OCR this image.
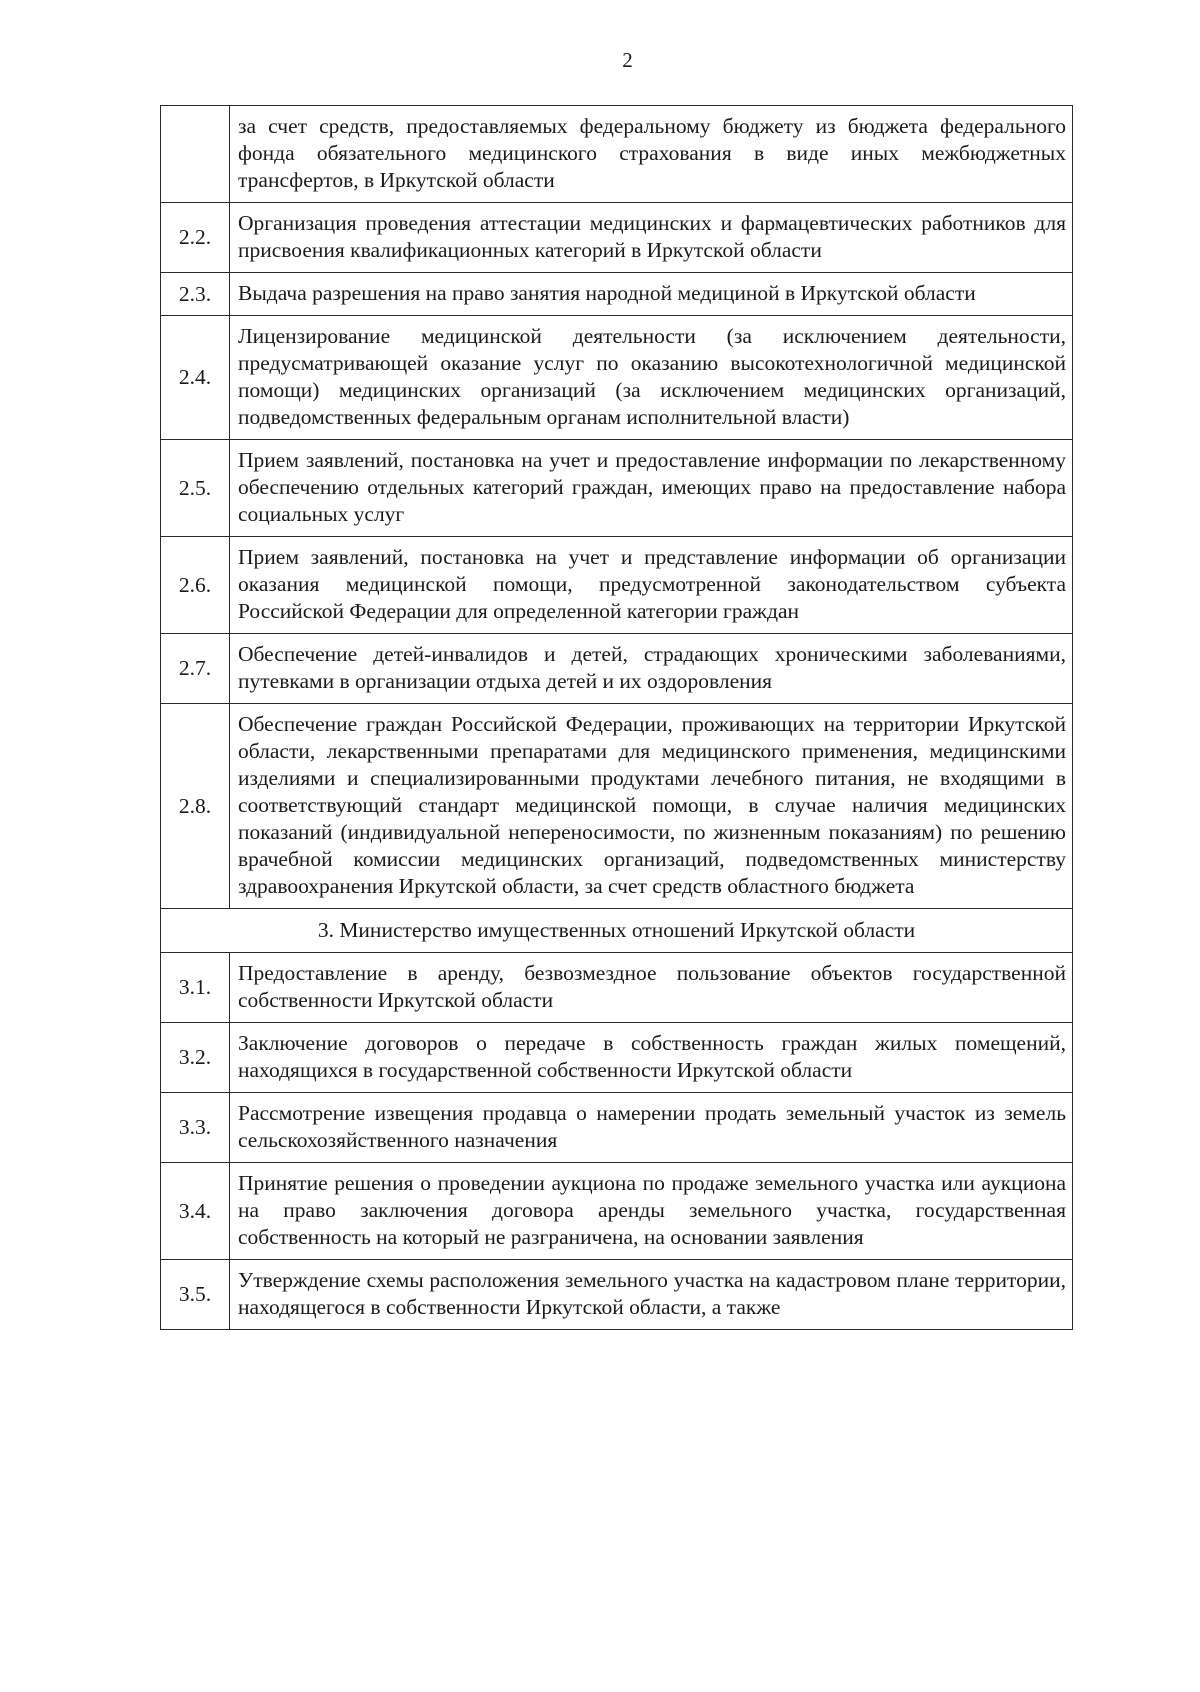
2
	за счет средств, предоставляемых федеральному бюджету из бюджета федерального фонда обязательного медицинского страхования в виде иных межбюджетных трансфертов, в Иркутской области
2.2.	Организация проведения аттестации медицинских и фармацевтических работников для присвоения квалификационных категорий в Иркутской области
2.3.	Выдача разрешения на право занятия народной медициной в Иркутской области
2.4.	Лицензирование медицинской деятельности (за исключением деятельности, предусматривающей оказание услуг по оказанию высокотехнологичной медицинской помощи) медицинских организаций (за исключением медицинских организаций, подведомственных федеральным органам исполнительной власти)
2.5.	Прием заявлений, постановка на учет и предоставление информации по лекарственному обеспечению отдельных категорий граждан, имеющих право на предоставление набора социальных услуг
2.6.	Прием заявлений, постановка на учет и представление информации об организации оказания медицинской помощи, предусмотренной законодательством субъекта Российской Федерации для определенной категории граждан
2.7.	Обеспечение детей-инвалидов и детей, страдающих хроническими заболеваниями, путевками в организации отдыха детей и их оздоровления
2.8.	Обеспечение граждан Российской Федерации, проживающих на территории Иркутской области, лекарственными препаратами для медицинского применения, медицинскими изделиями и специализированными продуктами лечебного питания, не входящими в соответствующий стандарт медицинской помощи, в случае наличия медицинских показаний (индивидуальной непереносимости, по жизненным показаниям) по решению врачебной комиссии медицинских организаций, подведомственных министерству здравоохранения Иркутской области, за счет средств областного бюджета
3. Министерство имущественных отношений Иркутской области	
3.1.	Предоставление в аренду, безвозмездное пользование объектов государственной собственности Иркутской области
3.2.	Заключение договоров о передаче в собственность граждан жилых помещений, находящихся в государственной собственности Иркутской области
3.3.	Рассмотрение извещения продавца о намерении продать земельный участок из земель сельскохозяйственного назначения
3.4.	Принятие решения о проведении аукциона по продаже земельного участка или аукциона на право заключения договора аренды земельного участка, государственная собственность на который не разграничена, на основании заявления
3.5.	Утверждение схемы расположения земельного участка на кадастровом плане территории, находящегося в собственности Иркутской области, а также
